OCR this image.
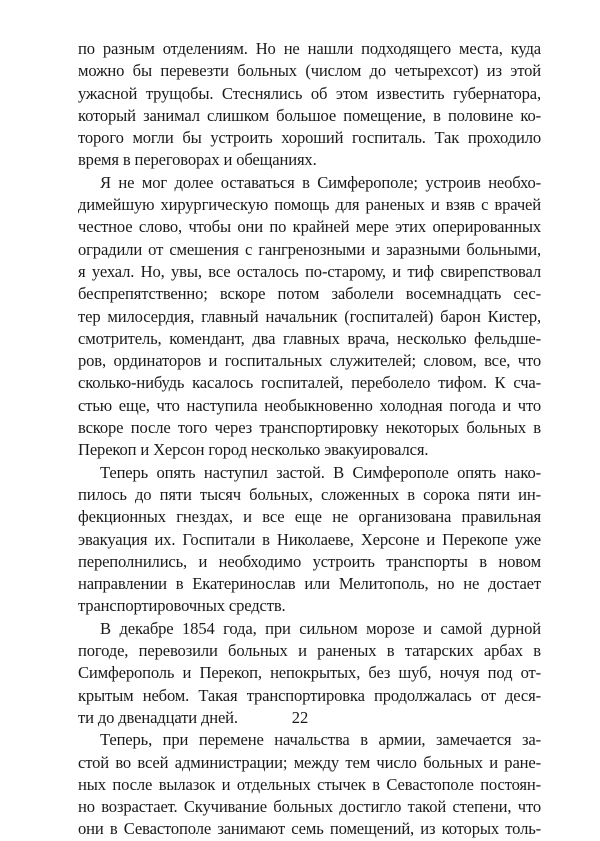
по разным отделениям. Но не нашли подходящего места, куда
можно бы перевезти больных (числом до четырехсот) из этой
ужасной трущобы. Стеснялись об этом известить губернатора,
который занимал слишком большое помещение, в половине ко-
торого могли бы устроить хороший госпиталь. Так проходило
время в переговорах и обещаниях.
Я не мог долее оставаться в Симферополе; устроив необхо-
димейшую хирургическую помощь для раненых и взяв с врачей
честное слово, чтобы они по крайней мере этих оперированных
оградили от смешения с гангренозными и заразными больными,
я уехал. Но, увы, все осталось по-старому, и тиф свирепствовал
беспрепятственно; вскоре потом заболели восемнадцать сес-
тер милосердия, главный начальник (госпиталей) барон Кистер,
смотритель, комендант, два главных врача, несколько фельдше-
ров, ординаторов и госпитальных служителей; словом, все, что
сколько-нибудь касалось госпиталей, переболело тифом. К сча-
стью еще, что наступила необыкновенно холодная погода и что
вскоре после того через транспортировку некоторых больных в
Перекоп и Херсон город несколько эвакуировался.
Теперь опять наступил застой. В Симферополе опять нако-
пилось до пяти тысяч больных, сложенных в сорока пяти ин-
фекционных гнездах, и все еще не организована правильная
эвакуация их. Госпитали в Николаеве, Херсоне и Перекопе уже
переполнились, и необходимо устроить транспорты в новом
направлении в Екатеринослав или Мелитополь, но не достает
транспортировочных средств.
В декабре 1854 года, при сильном морозе и самой дурной
погоде, перевозили больных и раненых в татарских арбах в
Симферополь и Перекоп, непокрытых, без шуб, ночуя под от-
крытым небом. Такая транспортировка продолжалась от деся-
ти до двенадцати дней.
Теперь, при перемене начальства в армии, замечается за-
стой во всей администрации; между тем число больных и ране-
ных после вылазок и отдельных стычек в Севастополе постоян-
но возрастает. Скучивание больных достигло такой степени, что
они в Севастополе занимают семь помещений, из которых толь-
22
